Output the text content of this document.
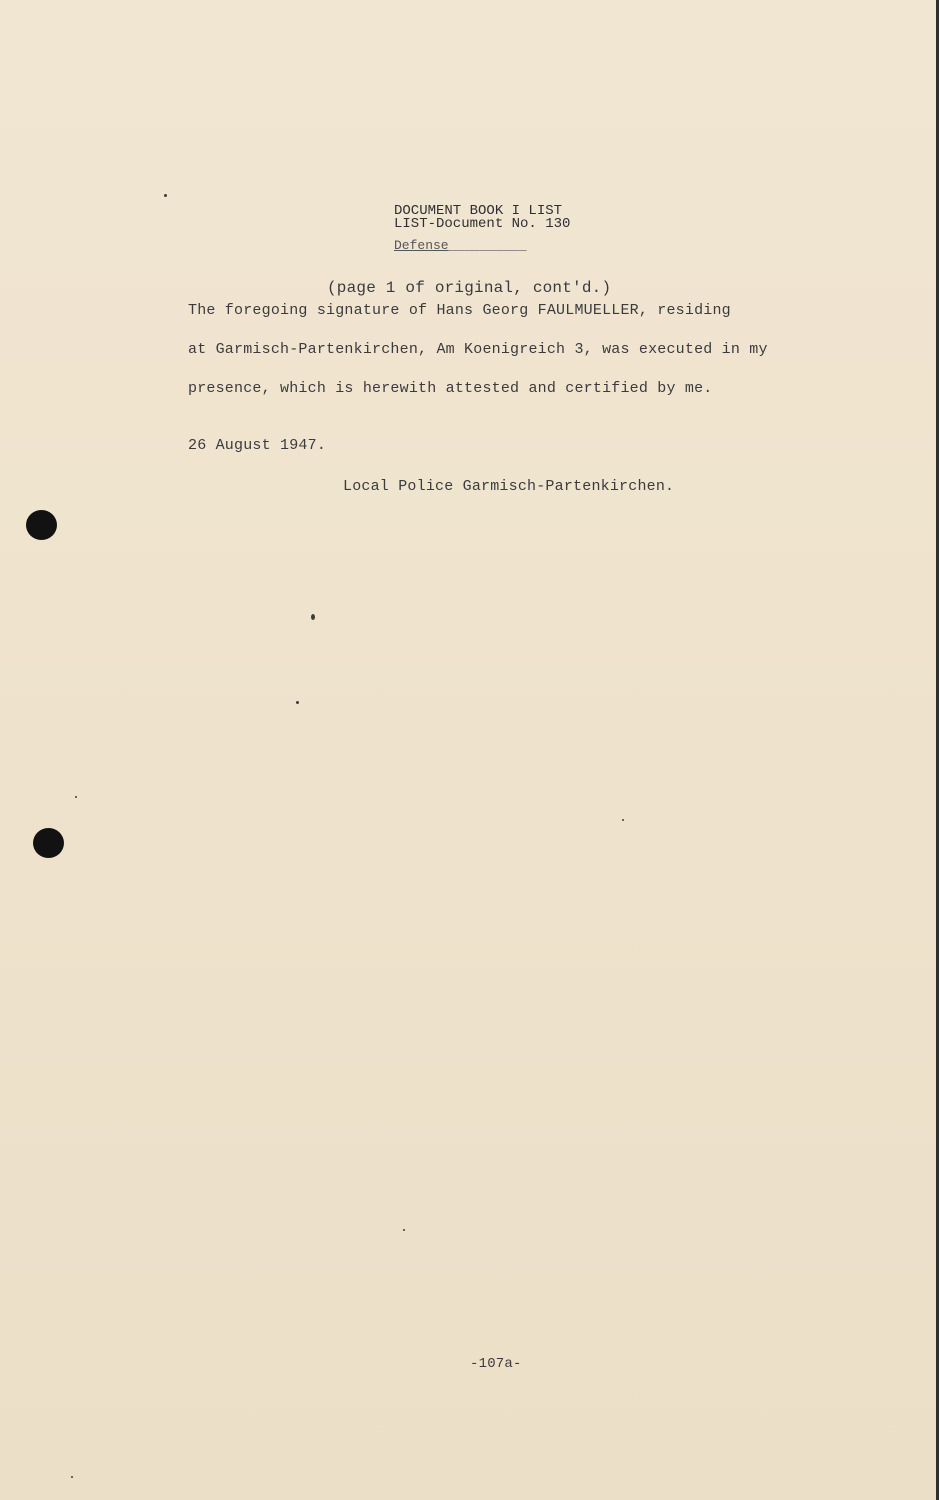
DOCUMENT BOOK I LIST
LIST-Document No. 130
Defense__________
(page 1 of original, cont'd.)
The foregoing signature of Hans Georg FAULMUELLER, residing
at Garmisch-Partenkirchen, Am Koenigreich 3, was executed in my
presence, which is herewith attested and certified by me.
26 August 1947.
Local Police Garmisch-Partenkirchen.
-107a-
